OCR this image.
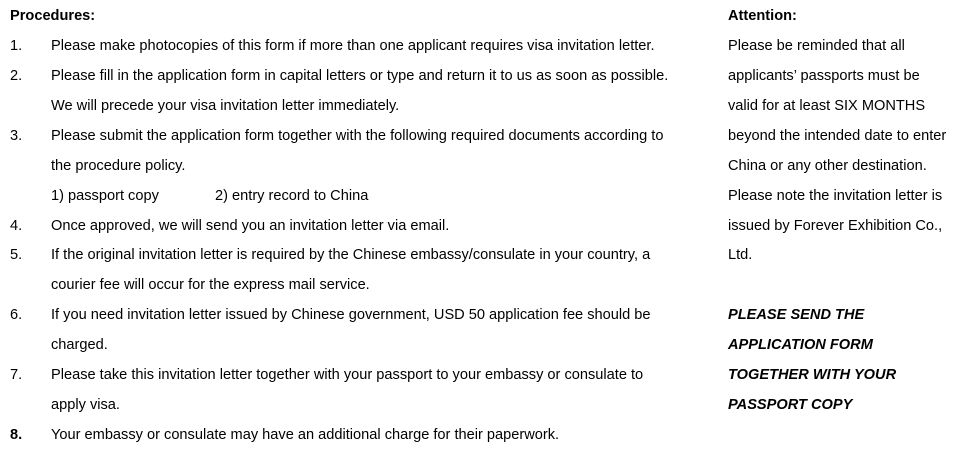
Procedures:
1. Please make photocopies of this form if more than one applicant requires visa invitation letter.
2. Please fill in the application form in capital letters or type and return it to us as soon as possible.
We will precede your visa invitation letter immediately.
3. Please submit the application form together with the following required documents according to
the procedure policy.
1) passport copy	2) entry record to China
4. Once approved, we will send you an invitation letter via email.
5. If the original invitation letter is required by the Chinese embassy/consulate in your country, a
courier fee will occur for the express mail service.
6. If you need invitation letter issued by Chinese government, USD 50 application fee should be
charged.
7. Please take this invitation letter together with your passport to your embassy or consulate to
apply visa.
8. Your embassy or consulate may have an additional charge for their paperwork.
Attention:
Please be reminded that all
applicants’ passports must be
valid for at least SIX MONTHS
beyond the intended date to enter
China or any other destination.
Please note the invitation letter is
issued by Forever Exhibition Co.,
Ltd.
PLEASE SEND THE
APPLICATION FORM
TOGETHER WITH YOUR
PASSPORT COPY
